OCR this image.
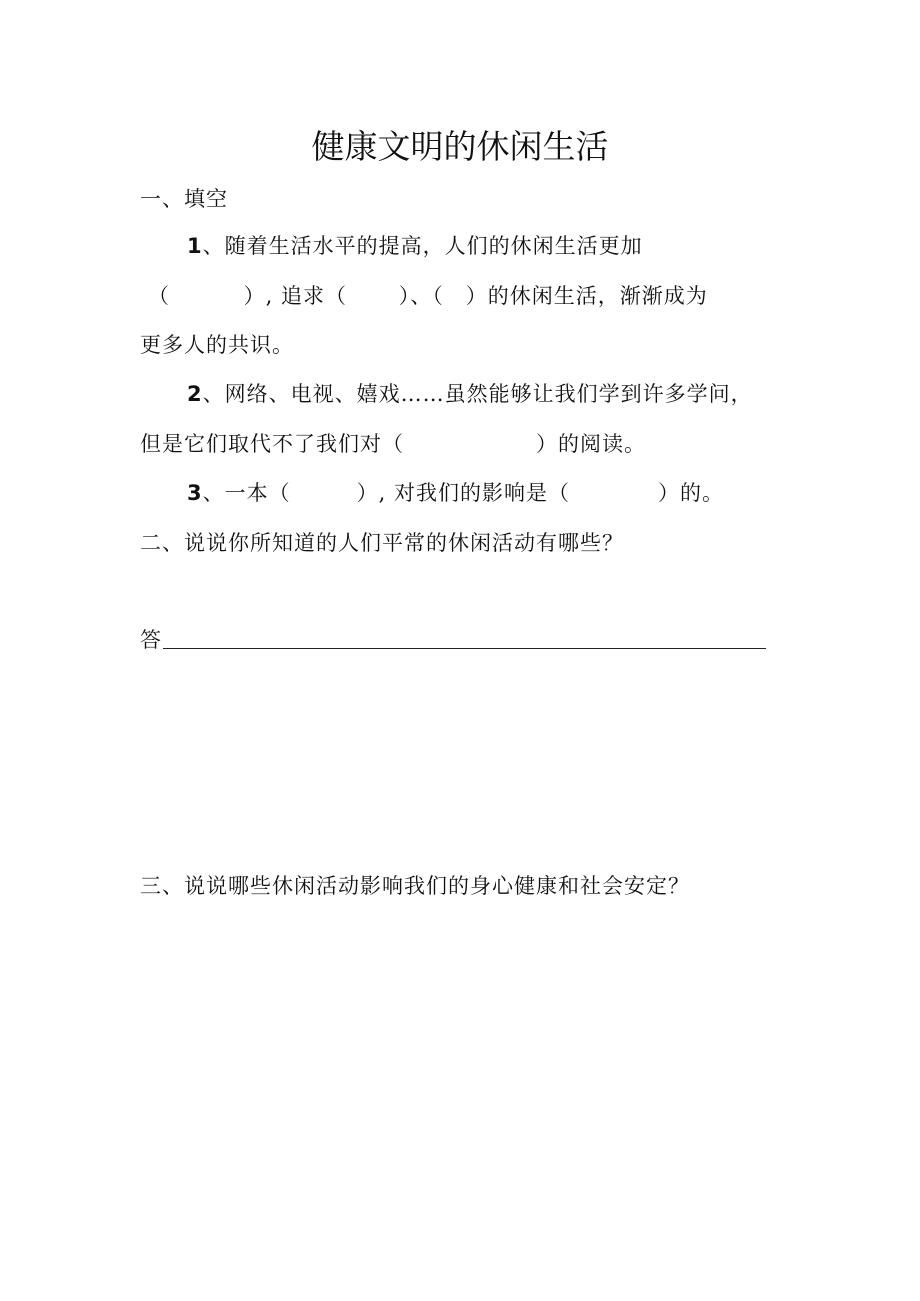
健康文明的休闲生活
一、填空
1、随着生活水平的提高，人们的休闲生活更加
（　　　 ）, 追求（　　 ）、（　）的休闲生活，渐渐成为
更多人的共识。
2、网络、电视、嬉戏……虽然能够让我们学到许多学问，
但是它们取代不了我们对（　　　　　　）的阅读。
3、一本（　　　）, 对我们的影响是（　　　　）的。
二、说说你所知道的人们平常的休闲活动有哪些？
答
三、说说哪些休闲活动影响我们的身心健康和社会安定？
